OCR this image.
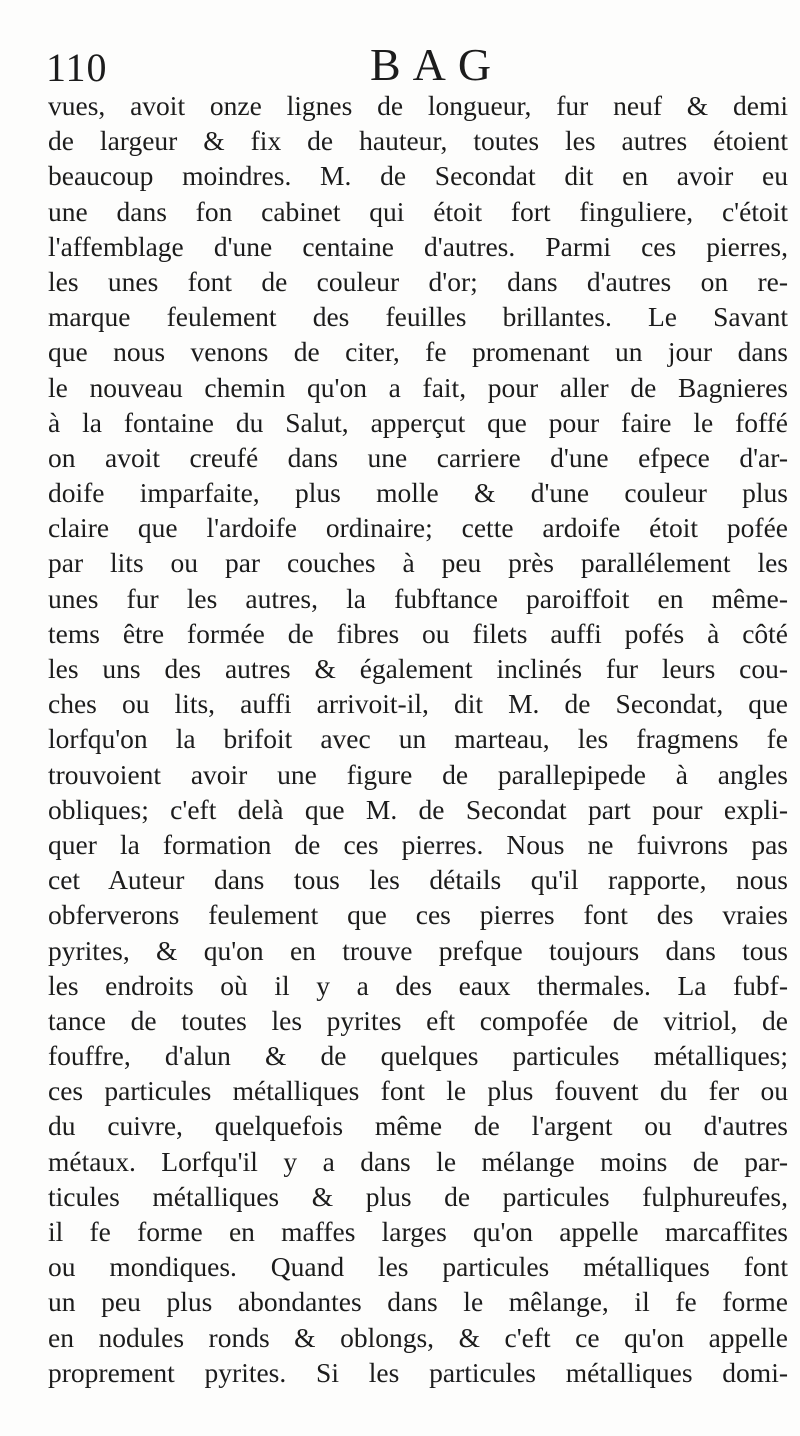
110	BAG
vues, avoit onze lignes de longueur, fur neuf & demi
de largeur & fix de hauteur, toutes les autres étoient
beaucoup moindres. M. de Secondat dit en avoir eu
une dans fon cabinet qui étoit fort finguliere, c'étoit
l'affemblage d'une centaine d'autres. Parmi ces pierres,
les unes font de couleur d'or; dans d'autres on re-
marque feulement des feuilles brillantes. Le Savant
que nous venons de citer, fe promenant un jour dans
le nouveau chemin qu'on a fait, pour aller de Bagnieres
à la fontaine du Salut, apperçut que pour faire le foffé
on avoit creufé dans une carriere d'une efpece d'ar-
doife imparfaite, plus molle & d'une couleur plus
claire que l'ardoife ordinaire; cette ardoife étoit pofée
par lits ou par couches à peu près parallélement les
unes fur les autres, la fubftance paroiffoit en même-
tems être formée de fibres ou filets auffi pofés à côté
les uns des autres & également inclinés fur leurs cou-
ches ou lits, auffi arrivoit-il, dit M. de Secondat, que
lorfqu'on la brifoit avec un marteau, les fragmens fe
trouvoient avoir une figure de parallepipede à angles
obliques; c'eft delà que M. de Secondat part pour expli-
quer la formation de ces pierres. Nous ne fuivrons pas
cet Auteur dans tous les détails qu'il rapporte, nous
obferverons feulement que ces pierres font des vraies
pyrites, & qu'on en trouve prefque toujours dans tous
les endroits où il y a des eaux thermales. La fubf-
tance de toutes les pyrites eft compofée de vitriol, de
fouffre, d'alun & de quelques particules métalliques;
ces particules métalliques font le plus fouvent du fer ou
du cuivre, quelquefois même de l'argent ou d'autres
métaux. Lorfqu'il y a dans le mélange moins de par-
ticules métalliques & plus de particules fulphureufes,
il fe forme en maffes larges qu'on appelle marcaffites
ou mondiques. Quand les particules métalliques font
un peu plus abondantes dans le mêlange, il fe forme
en nodules ronds & oblongs, & c'eft ce qu'on appelle
proprement pyrites. Si les particules métalliques domi-
